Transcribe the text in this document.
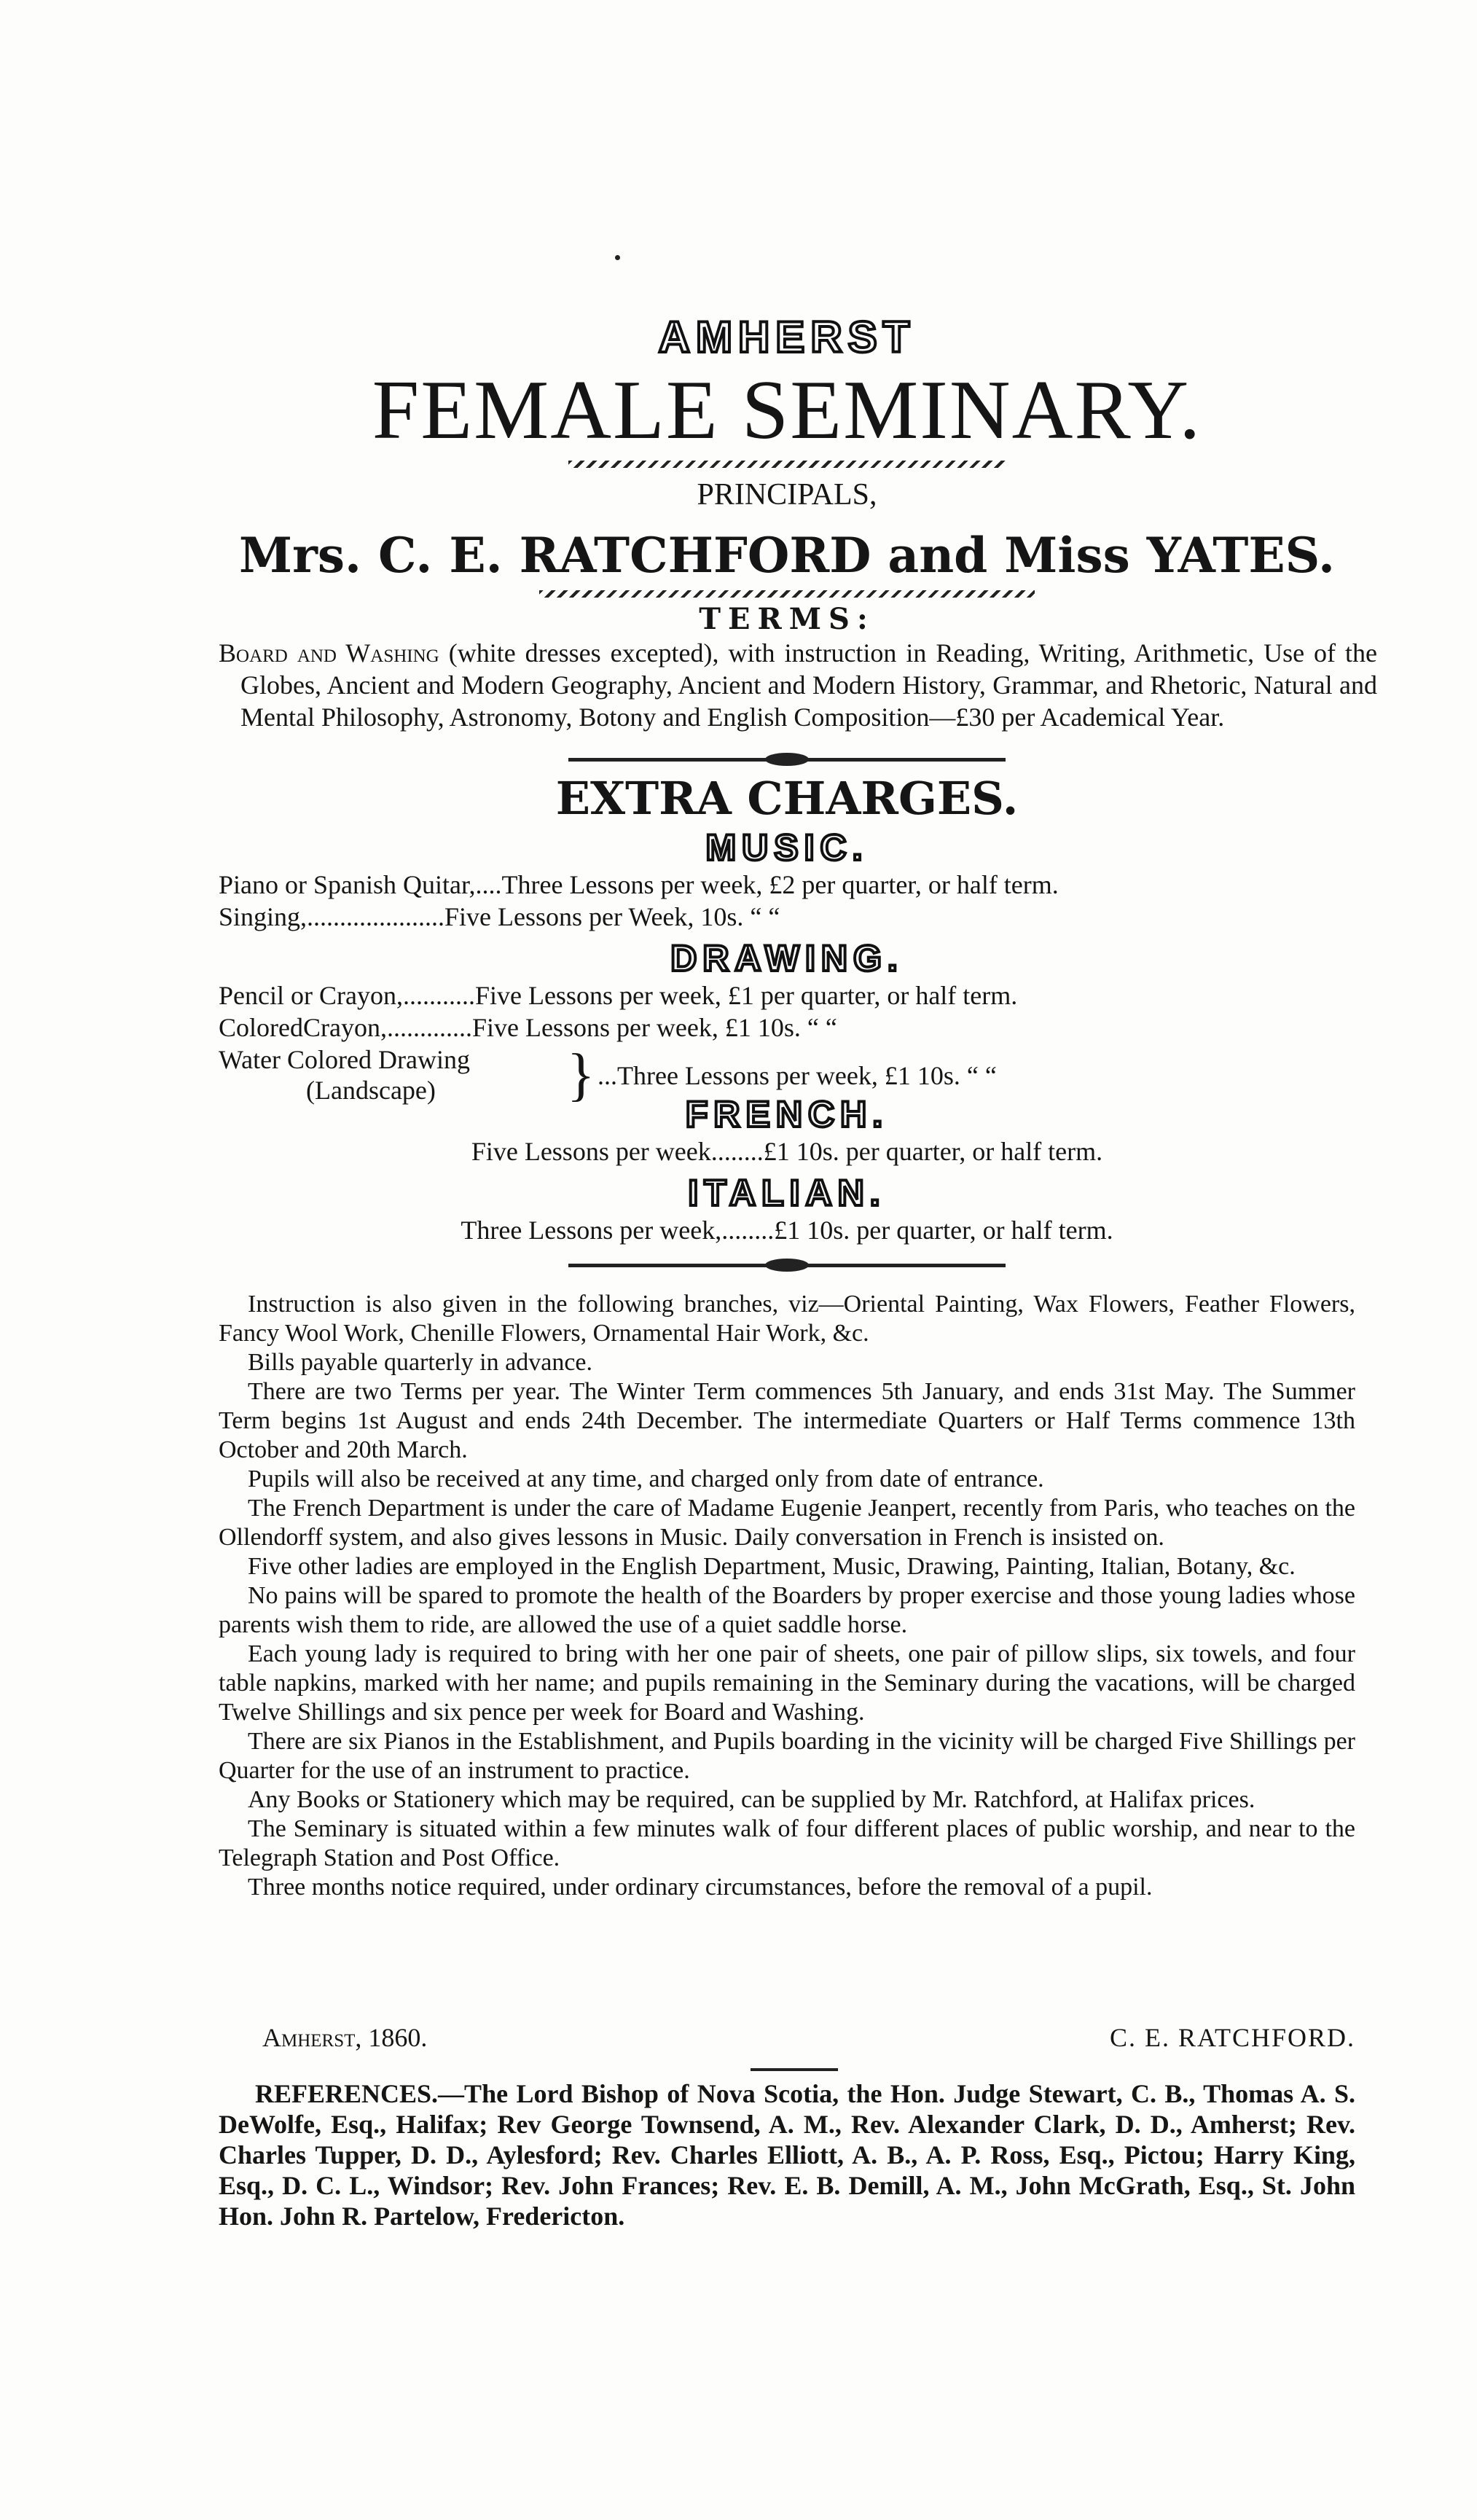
AMHERST
FEMALE SEMINARY.
PRINCIPALS,
Mrs. C. E. RATCHFORD and Miss YATES.
TERMS:
Board and Washing (white dresses excepted), with instruction in Reading, Writing, Arithmetic, Use of the Globes, Ancient and Modern Geography, Ancient and Modern History, Grammar, and Rhetoric, Natural and Mental Philosophy, Astronomy, Botony and English Composition—£30 per Academical Year.
EXTRA CHARGES.
MUSIC.
Piano or Spanish Quitar,....Three Lessons per week, £2 per quarter, or half term.
Singing,.....................Five Lessons per Week, 10s. “ “
DRAWING.
Pencil or Crayon,...........Five Lessons per week, £1 per quarter, or half term.
ColoredCrayon,.............Five Lessons per week, £1 10s. “ “
Water Colored Drawing
(Landscape) } ...Three Lessons per week, £1 10s. “ “
FRENCH.
Five Lessons per week........£1 10s. per quarter, or half term.
ITALIAN.
Three Lessons per week,........£1 10s. per quarter, or half term.

Instruction is also given in the following branches, viz—Oriental Painting, Wax Flowers, Feather Flowers, Fancy Wool Work, Chenille Flowers, Ornamental Hair Work, &c.

Bills payable quarterly in advance.

There are two Terms per year. The Winter Term commences 5th January, and ends 31st May. The Summer Term begins 1st August and ends 24th December. The intermediate Quarters or Half Terms commence 13th October and 20th March.

Pupils will also be received at any time, and charged only from date of entrance.

The French Department is under the care of Madame Eugenie Jeanpert, recently from Paris, who teaches on the Ollendorff system, and also gives lessons in Music. Daily conversation in French is insisted on.

Five other ladies are employed in the English Department, Music, Drawing, Painting, Italian, Botany, &c.

No pains will be spared to promote the health of the Boarders by proper exercise and those young ladies whose parents wish them to ride, are allowed the use of a quiet saddle horse.

Each young lady is required to bring with her one pair of sheets, one pair of pillow slips, six towels, and four table napkins, marked with her name; and pupils remaining in the Seminary during the vacations, will be charged Twelve Shillings and six pence per week for Board and Washing.

There are six Pianos in the Establishment, and Pupils boarding in the vicinity will be charged Five Shillings per Quarter for the use of an instrument to practice.

Any Books or Stationery which may be required, can be supplied by Mr. Ratchford, at Halifax prices.

The Seminary is situated within a few minutes walk of four different places of public worship, and near to the Telegraph Station and Post Office.

Three months notice required, under ordinary circumstances, before the removal of a pupil.

Amherst, 1860.	C. E. RATCHFORD.

REFERENCES.—The Lord Bishop of Nova Scotia, the Hon. Judge Stewart, C. B., Thomas A. S. DeWolfe, Esq., Halifax; Rev George Townsend, A. M., Rev. Alexander Clark, D. D., Amherst; Rev. Charles Tupper, D. D., Aylesford; Rev. Charles Elliott, A. B., A. P. Ross, Esq., Pictou; Harry King, Esq., D. C. L., Windsor; Rev. John Frances; Rev. E. B. Demill, A. M., John McGrath, Esq., St. John Hon. John R. Partelow, Fredericton.
